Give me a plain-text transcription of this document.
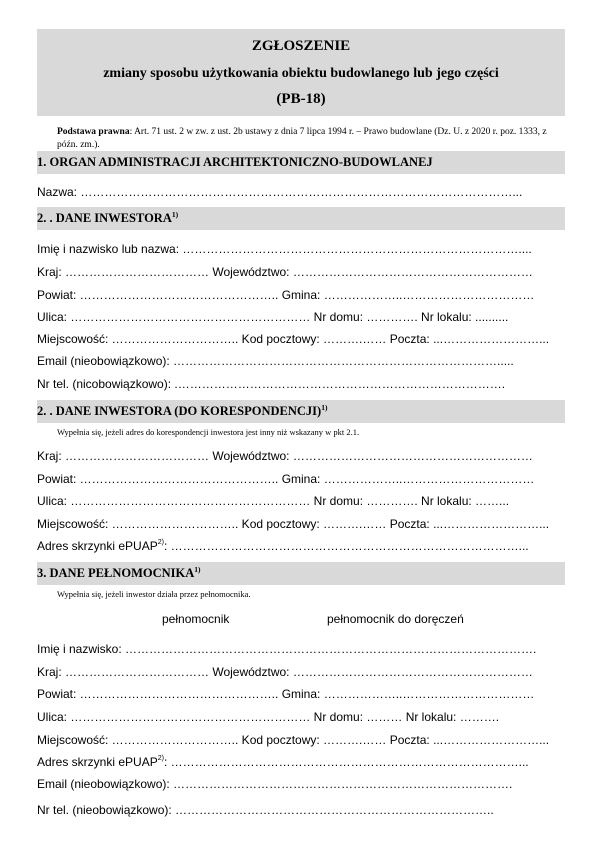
ZGŁOSZENIE
zmiany sposobu użytkowania obiektu budowlanego lub jego części
(PB-18)
Podstawa prawna: Art. 71 ust. 2 w zw. z ust. 2b ustawy z dnia 7 lipca 1994 r. – Prawo budowlane (Dz. U. z 2020 r. poz. 1333, z późn. zm.).
1. ORGAN ADMINISTRACJI ARCHITEKTONICZNO-BUDOWLANEJ
Nazwa: ………………………………………………………………………………………………...
2. . DANE INWESTORA$^{1)}$
Imię i nazwisko lub nazwa: …………………………………………………………………………....
Kraj: ……………………………… Województwo: ……………………………………………………
Powiat: ………………………………………….. Gmina: ………………..……………………………
Ulica: …………………………………………………… Nr domu: …………. Nr lokalu: ..........
Miejscowość: ………………………….. Kod pocztowy: ……….…… Poczta: ...……………………...
Email (nieobowiązkowo): ……………………………………………………………………….....
Nr tel. (nicobowiązkowo): .……………………………………………………………………….
2. . DANE INWESTORA (DO KORESPONDENCJI)$^{1)}$
Wypełnia się, jeżeli adres do korespondencji inwestora jest inny niż wskazany w pkt 2.1.
Kraj: ……………………………… Województwo: ……………………………………………………
Powiat: ………………………………………….. Gmina: ………………..……………………………
Ulica: …………………………………………………… Nr domu: …………. Nr lokalu: ……...
Miejscowość: ………………………….. Kod pocztowy: ……….…… Poczta: ...……………………...
Adres skrzynki ePUAP$^{2)}$: ……………………………………………………………………………...
3. DANE PEŁNOMOCNIKA$^{1)}$
Wypełnia się, jeżeli inwestor działa przez pełnomocnika.
pełnomocnik	pełnomocnik do doręczeń
Imię i nazwisko: ………………………………………………………………………………………….
Kraj: ……………………………… Województwo: ……………………………………………………
Powiat: ………………………………………….. Gmina: ………………..……………………………
Ulica: …………………………………………………… Nr domu: ……… Nr lokalu: ……….
Miejscowość: ………………………….. Kod pocztowy: ……….…… Poczta: ...……………………...
Adres skrzynki ePUAP$^{2)}$: ……………………………………………………………………………...
Email (nieobowiązkowo): ………………………………………………………………………….
Nr tel. (nieobowiązkowo): ……………………………………………………………………..
